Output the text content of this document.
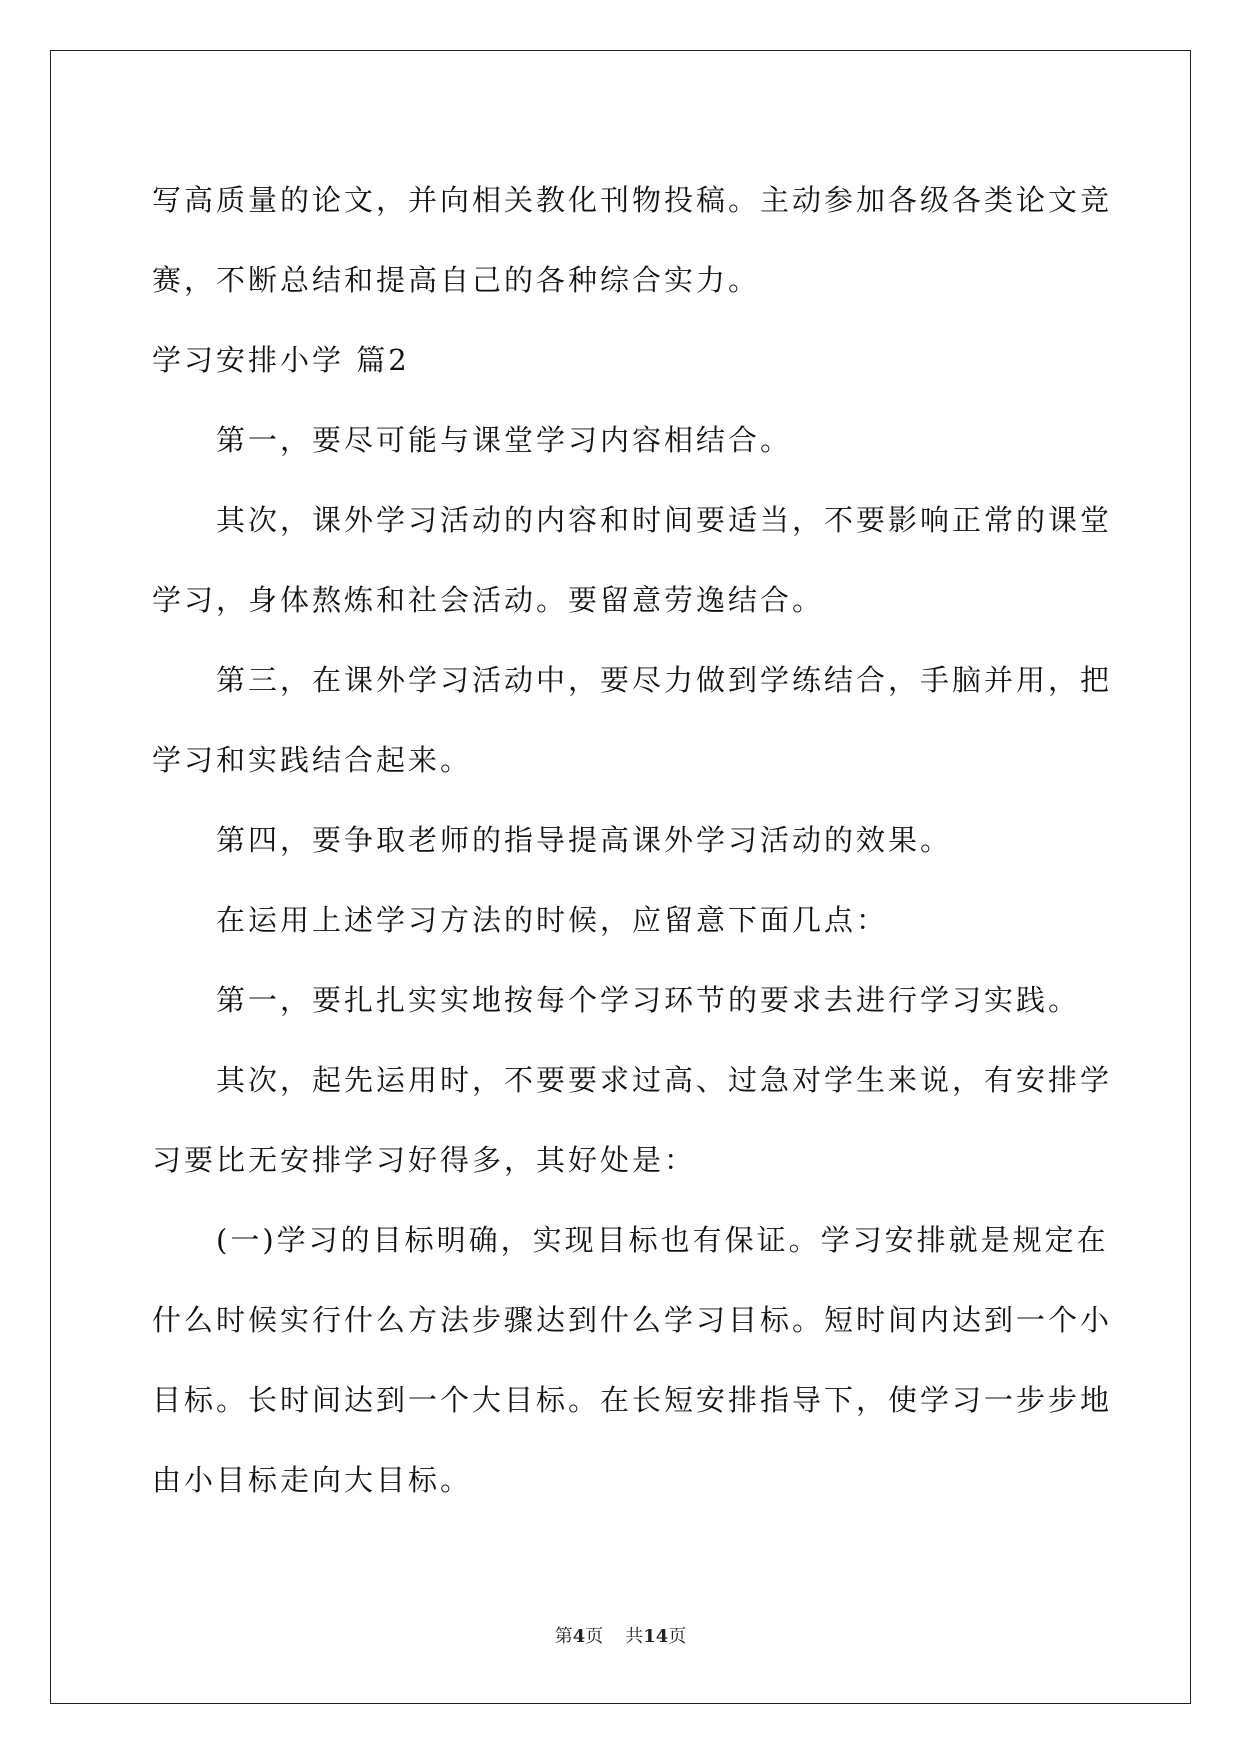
写高质量的论文，并向相关教化刊物投稿。主动参加各级各类论文竞
赛，不断总结和提高自己的各种综合实力。
学习安排小学 篇2
第一，要尽可能与课堂学习内容相结合。
其次，课外学习活动的内容和时间要适当，不要影响正常的课堂
学习，身体熬炼和社会活动。要留意劳逸结合。
第三，在课外学习活动中，要尽力做到学练结合，手脑并用，把
学习和实践结合起来。
第四，要争取老师的指导提高课外学习活动的效果。
在运用上述学习方法的时候，应留意下面几点：
第一，要扎扎实实地按每个学习环节的要求去进行学习实践。
其次，起先运用时，不要要求过高、过急对学生来说，有安排学
习要比无安排学习好得多，其好处是：
(一)学习的目标明确，实现目标也有保证。学习安排就是规定在
什么时候实行什么方法步骤达到什么学习目标。短时间内达到一个小
目标。长时间达到一个大目标。在长短安排指导下，使学习一步步地
由小目标走向大目标。
第4页 共14页
